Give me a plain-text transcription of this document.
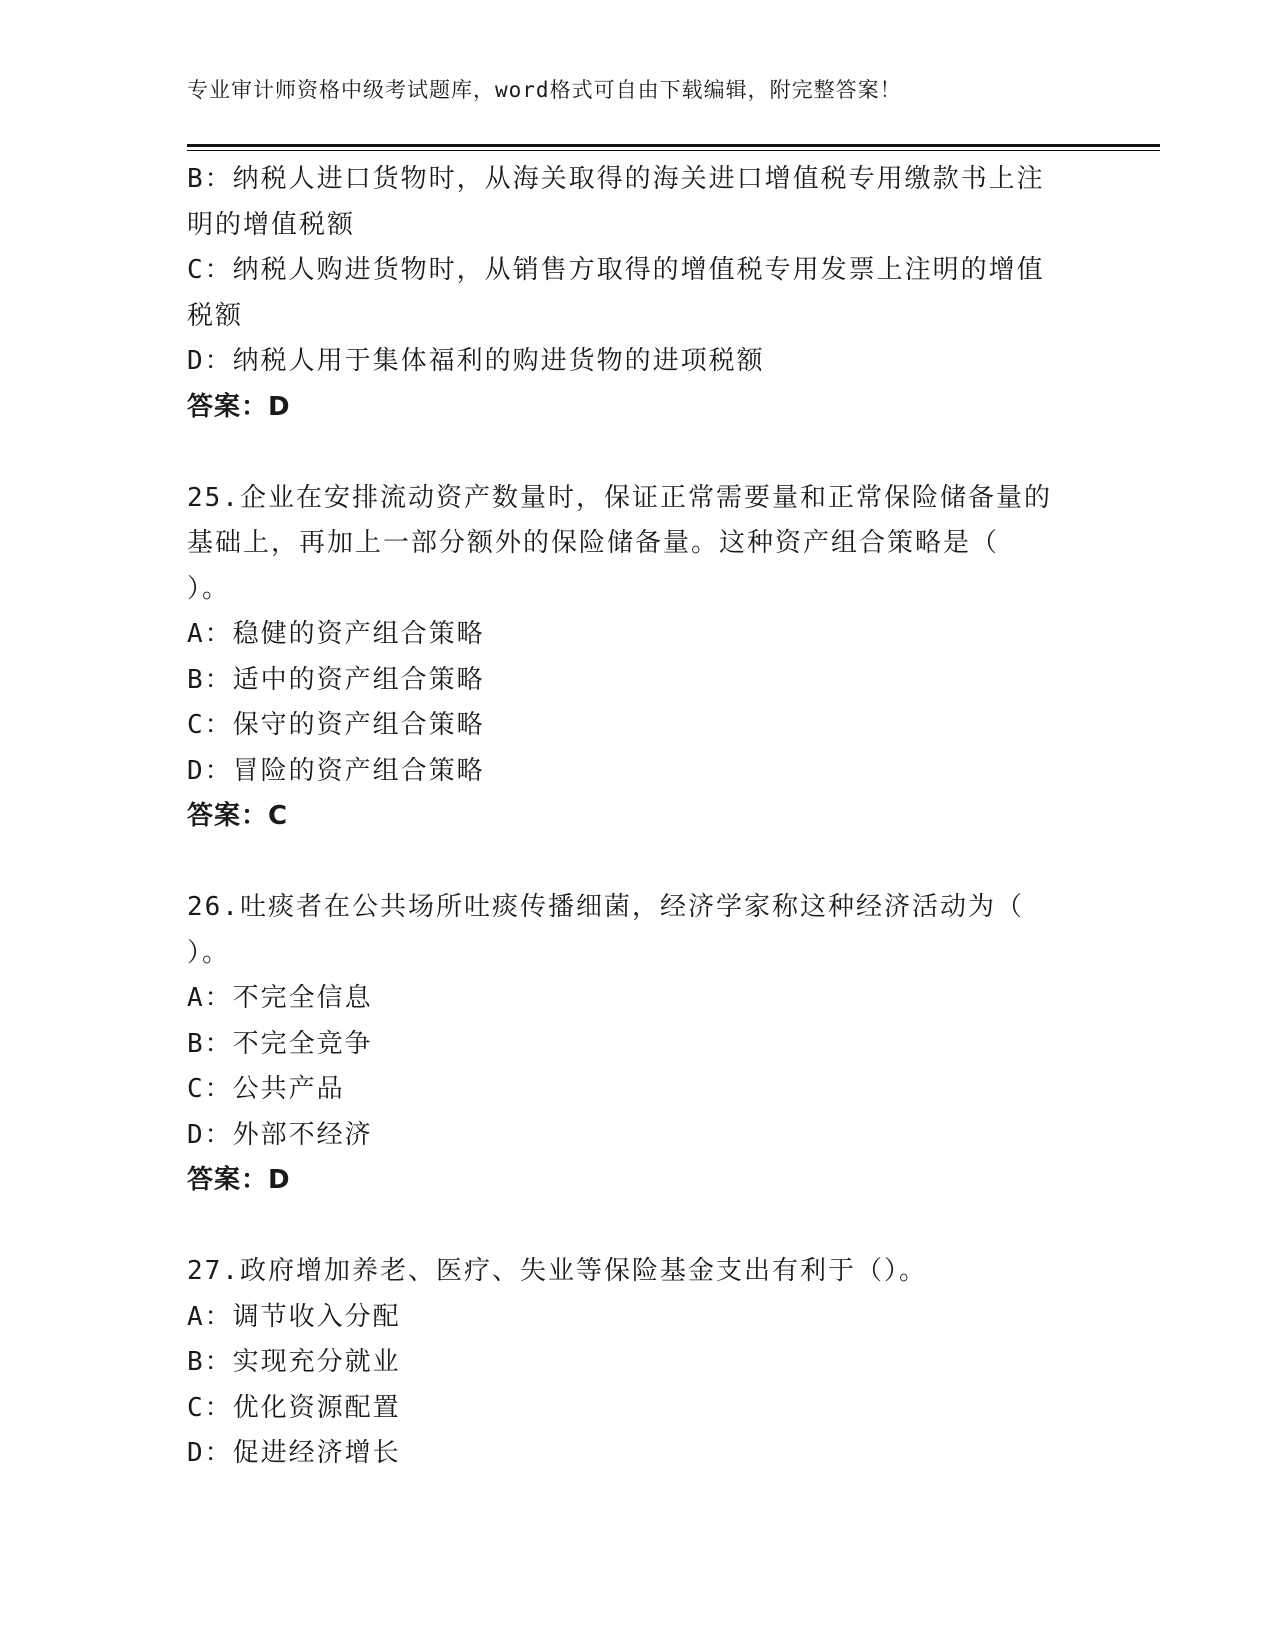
专业审计师资格中级考试题库，word格式可自由下载编辑，附完整答案！
B：纳税人进口货物时，从海关取得的海关进口增值税专用缴款书上注
明的增值税额
C：纳税人购进货物时，从销售方取得的增值税专用发票上注明的增值
税额
D：纳税人用于集体福利的购进货物的进项税额
答案：D
25.企业在安排流动资产数量时，保证正常需要量和正常保险储备量的
基础上，再加上一部分额外的保险储备量。这种资产组合策略是（
）。
A：稳健的资产组合策略
B：适中的资产组合策略
C：保守的资产组合策略
D：冒险的资产组合策略
答案：C
26.吐痰者在公共场所吐痰传播细菌，经济学家称这种经济活动为（
）。
A：不完全信息
B：不完全竞争
C：公共产品
D：外部不经济
答案：D
27.政府增加养老、医疗、失业等保险基金支出有利于（）。
A：调节收入分配
B：实现充分就业
C：优化资源配置
D：促进经济增长
